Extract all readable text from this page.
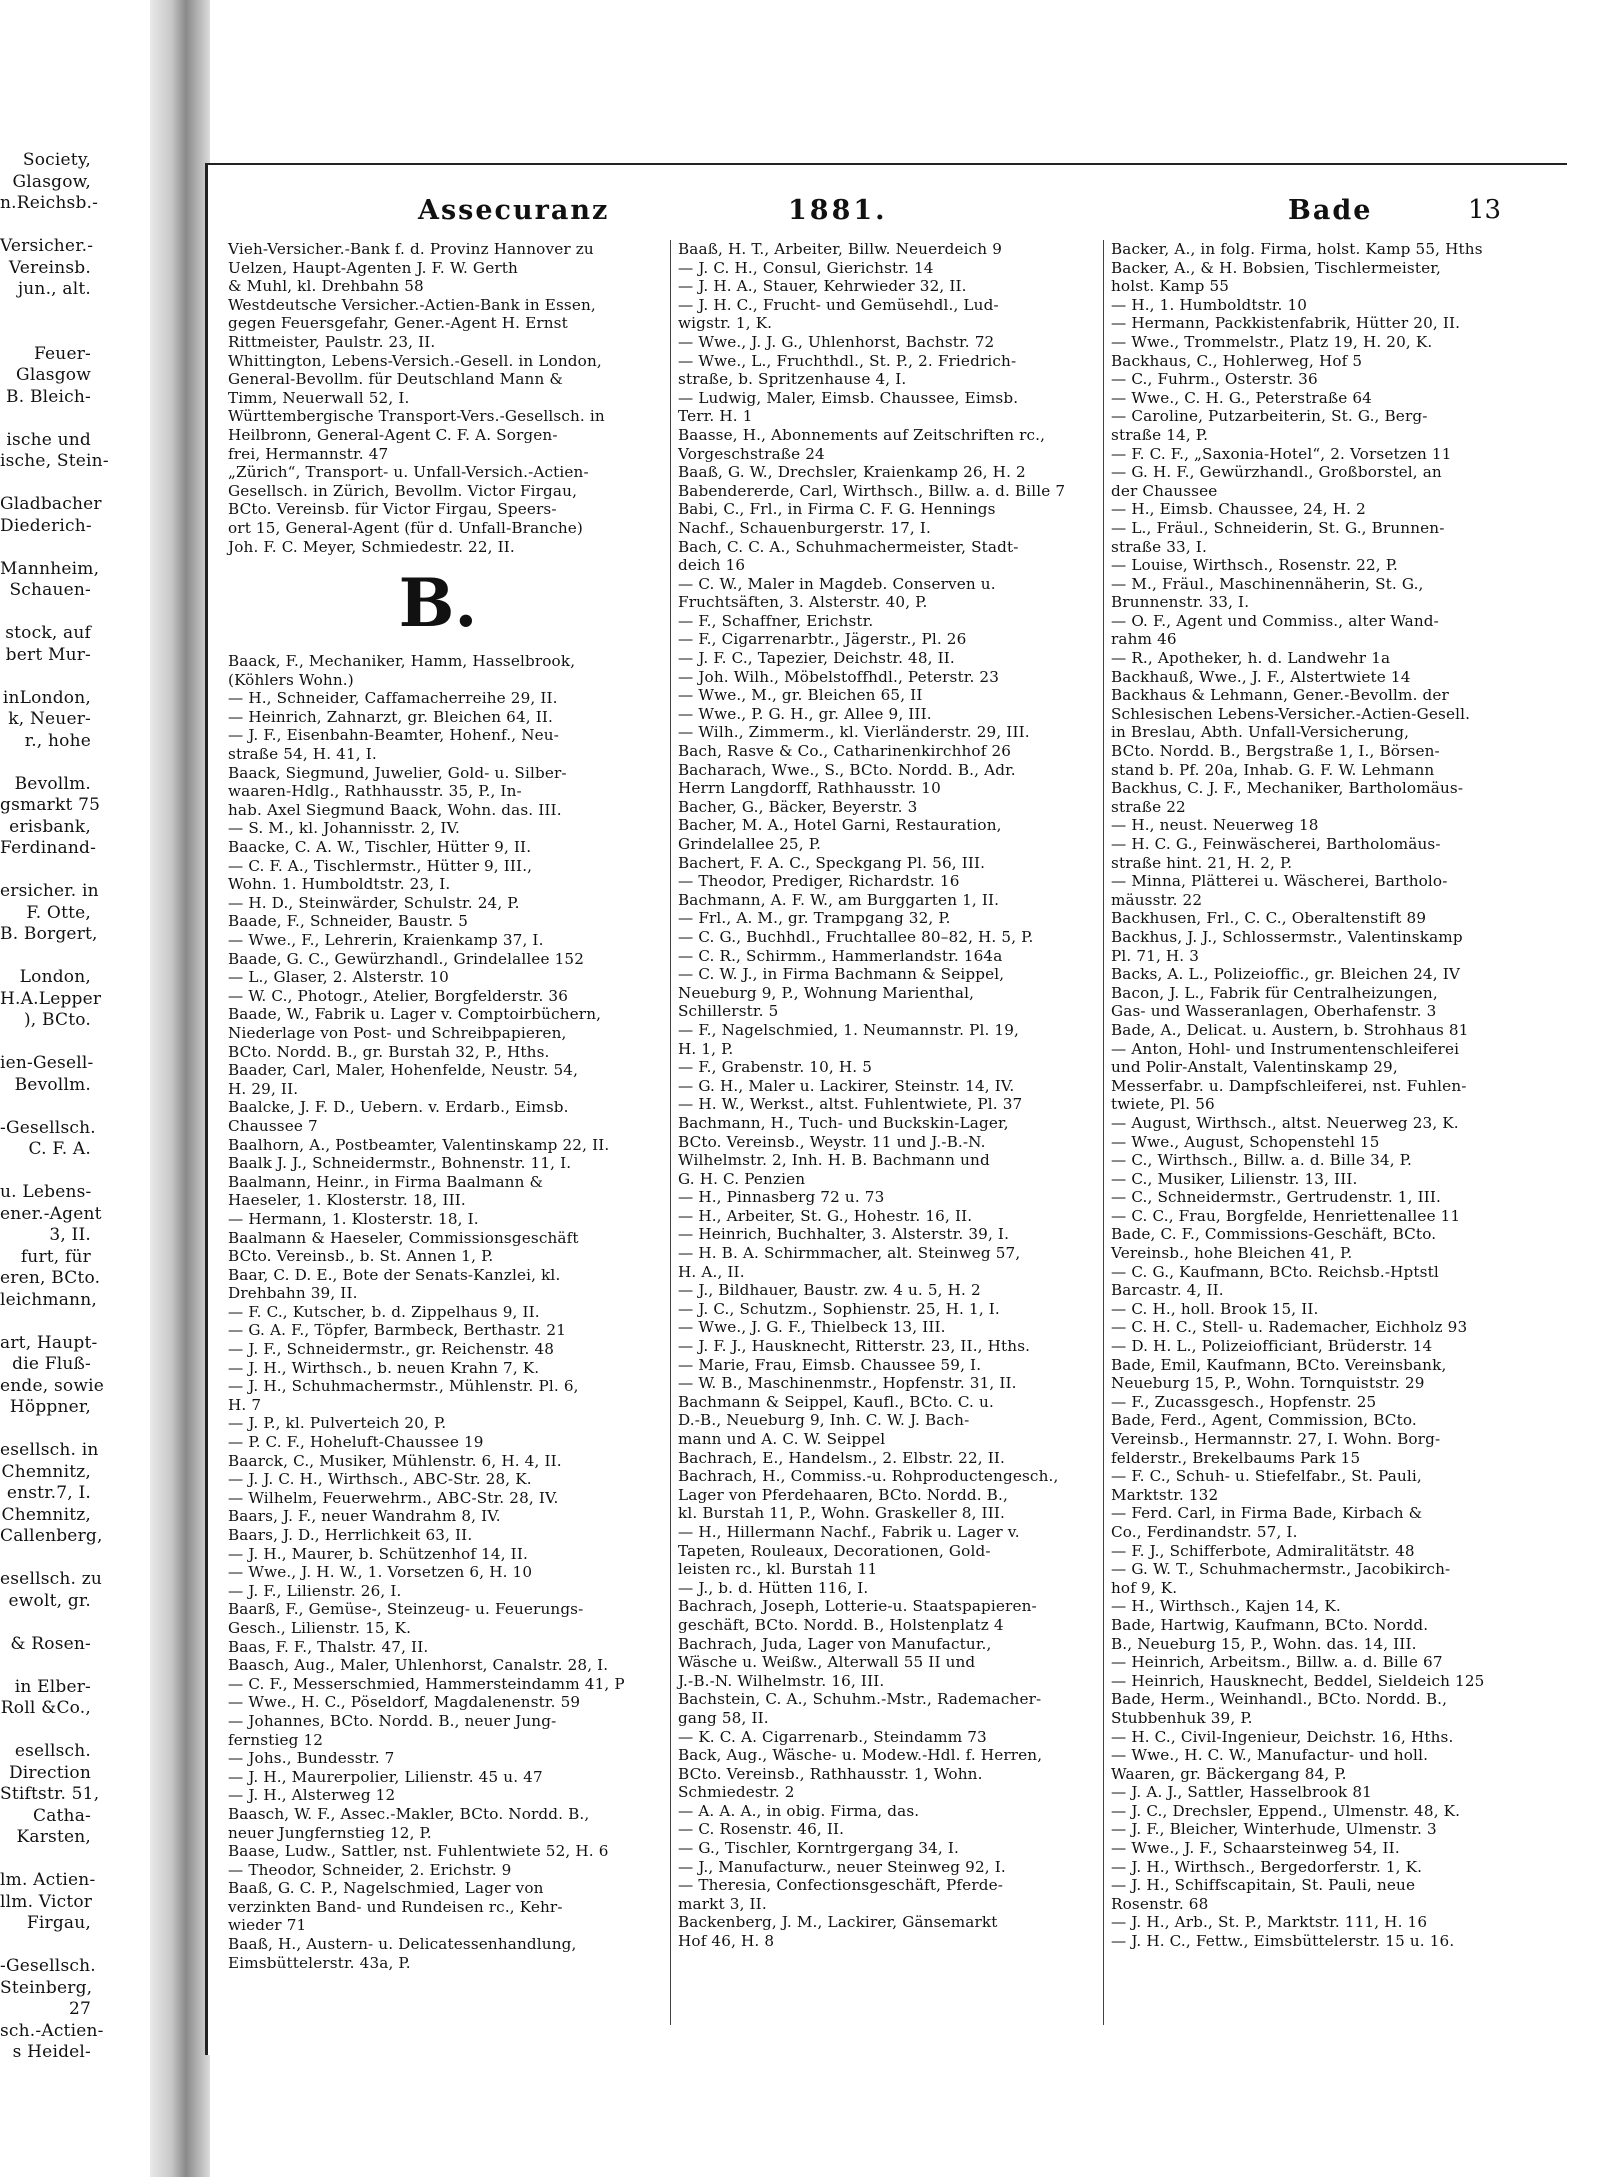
Society,
Glasgow,
n.Reichsb.-

Versicher.-
Vereinsb.
jun., alt.

Feuer-
Glasgow
B. Bleich-

ische und
ische, Stein-

Gladbacher
Diederich-

Mannheim,
Schauen-

stock, auf
bert Mur-

inLondon,
k, Neuer-
r., hohe

Bevollm.
gsmarkt 75
erisbank,
Ferdinand-

ersicher. in
F. Otte,
B. Borgert,

London,
H.A.Lepper
), BCto.

ien-Gesell-
Bevollm.

-Gesellsch.
C. F. A.

u. Lebens-
ener.-Agent
3, II.
furt, für
eren, BCto.
leichmann,

art, Haupt-
die Fluß-
ende, sowie
Höppner,

esellsch. in
Chemnitz,
enstr.7, I.
Chemnitz,
Callenberg,

esellsch. zu
ewolt, gr.

& Rosen-

in Elber-
Roll &Co.,

esellsch.
Direction
Stiftstr. 51,
Catha-
Karsten,

lm. Actien-
llm. Victor
Firgau,

-Gesellsch.
Steinberg,
27
sch.-Actien-
s Heidel-
Assecuranz	1881.	Bade	13
Vieh-Versicher.-Bank f. d. Provinz Hannover zu
Uelzen, Haupt-Agenten J. F. W. Gerth
& Muhl, kl. Drehbahn 58
Westdeutsche Versicher.-Actien-Bank in Essen,
gegen Feuersgefahr, Gener.-Agent H. Ernst
Rittmeister, Paulstr. 23, II.
Whittington, Lebens-Versich.-Gesell. in London,
General-Bevollm. für Deutschland Mann &
Timm, Neuerwall 52, I.
Württembergische Transport-Vers.-Gesellsch. in
Heilbronn, General-Agent C. F. A. Sorgen-
frei, Hermannstr. 47
„Zürich“, Transport- u. Unfall-Versich.-Actien-
Gesellsch. in Zürich, Bevollm. Victor Firgau,
BCto. Vereinsb. für Victor Firgau, Speers-
ort 15, General-Agent (für d. Unfall-Branche)
Joh. F. C. Meyer, Schmiedestr. 22, II.
B.
Baack, F., Mechaniker, Hamm, Hasselbrook,
(Köhlers Wohn.)
— H., Schneider, Caffamacherreihe 29, II.
— Heinrich, Zahnarzt, gr. Bleichen 64, II.
— J. F., Eisenbahn-Beamter, Hohenf., Neu-
straße 54, H. 41, I.
Baack, Siegmund, Juwelier, Gold- u. Silber-
waaren-Hdlg., Rathhausstr. 35, P., In-
hab. Axel Siegmund Baack, Wohn. das. III.
— S. M., kl. Johannisstr. 2, IV.
Baacke, C. A. W., Tischler, Hütter 9, II.
— C. F. A., Tischlermstr., Hütter 9, III.,
Wohn. 1. Humboldtstr. 23, I.
— H. D., Steinwärder, Schulstr. 24, P.
Baade, F., Schneider, Baustr. 5
— Wwe., F., Lehrerin, Kraienkamp 37, I.
Baade, G. C., Gewürzhandl., Grindelallee 152
— L., Glaser, 2. Alsterstr. 10
— W. C., Photogr., Atelier, Borgfelderstr. 36
Baade, W., Fabrik u. Lager v. Comptoirbüchern,
Niederlage von Post- und Schreibpapieren,
BCto. Nordd. B., gr. Burstah 32, P., Hths.
Baader, Carl, Maler, Hohenfelde, Neustr. 54,
H. 29, II.
Baalcke, J. F. D., Uebern. v. Erdarb., Eimsb.
Chaussee 7
Baalhorn, A., Postbeamter, Valentinskamp 22, II.
Baalk J. J., Schneidermstr., Bohnenstr. 11, I.
Baalmann, Heinr., in Firma Baalmann &
Haeseler, 1. Klosterstr. 18, III.
— Hermann, 1. Klosterstr. 18, I.
Baalmann & Haeseler, Commissionsgeschäft
BCto. Vereinsb., b. St. Annen 1, P.
Baar, C. D. E., Bote der Senats-Kanzlei, kl.
Drehbahn 39, II.
— F. C., Kutscher, b. d. Zippelhaus 9, II.
— G. A. F., Töpfer, Barmbeck, Berthastr. 21
— J. F., Schneidermstr., gr. Reichenstr. 48
— J. H., Wirthsch., b. neuen Krahn 7, K.
— J. H., Schuhmachermstr., Mühlenstr. Pl. 6,
H. 7
— J. P., kl. Pulverteich 20, P.
— P. C. F., Hoheluft-Chaussee 19
Baarck, C., Musiker, Mühlenstr. 6, H. 4, II.
— J. J. C. H., Wirthsch., ABC-Str. 28, K.
— Wilhelm, Feuerwehrm., ABC-Str. 28, IV.
Baars, J. F., neuer Wandrahm 8, IV.
Baars, J. D., Herrlichkeit 63, II.
— J. H., Maurer, b. Schützenhof 14, II.
— Wwe., J. H. W., 1. Vorsetzen 6, H. 10
— J. F., Lilienstr. 26, I.
Baarß, F., Gemüse-, Steinzeug- u. Feuerungs-
Gesch., Lilienstr. 15, K.
Baas, F. F., Thalstr. 47, II.
Baasch, Aug., Maler, Uhlenhorst, Canalstr. 28, I.
— C. F., Messerschmied, Hammersteindamm 41, P
— Wwe., H. C., Pöseldorf, Magdalenenstr. 59
— Johannes, BCto. Nordd. B., neuer Jung-
fernstieg 12
— Johs., Bundesstr. 7
— J. H., Maurerpolier, Lilienstr. 45 u. 47
— J. H., Alsterweg 12
Baasch, W. F., Assec.-Makler, BCto. Nordd. B.,
neuer Jungfernstieg 12, P.
Baase, Ludw., Sattler, nst. Fuhlentwiete 52, H. 6
— Theodor, Schneider, 2. Erichstr. 9
Baaß, G. C. P., Nagelschmied, Lager von
verzinkten Band- und Rundeisen rc., Kehr-
wieder 71
Baaß, H., Austern- u. Delicatessenhandlung,
Eimsbüttelerstr. 43a, P.
Baaß, H. T., Arbeiter, Billw. Neuerdeich 9
— J. C. H., Consul, Gierichstr. 14
— J. H. A., Stauer, Kehrwieder 32, II.
— J. H. C., Frucht- und Gemüsehdl., Lud-
wigstr. 1, K.
— Wwe., J. J. G., Uhlenhorst, Bachstr. 72
— Wwe., L., Fruchthdl., St. P., 2. Friedrich-
straße, b. Spritzenhause 4, I.
— Ludwig, Maler, Eimsb. Chaussee, Eimsb.
Terr. H. 1
Baasse, H., Abonnements auf Zeitschriften rc.,
Vorgeschstraße 24
Baaß, G. W., Drechsler, Kraienkamp 26, H. 2
Babendererde, Carl, Wirthsch., Billw. a. d. Bille 7
Babi, C., Frl., in Firma C. F. G. Hennings
Nachf., Schauenburgerstr. 17, I.
Bach, C. C. A., Schuhmachermeister, Stadt-
deich 16
— C. W., Maler in Magdeb. Conserven u.
Fruchtsäften, 3. Alsterstr. 40, P.
— F., Schaffner, Erichstr.
— F., Cigarrenarbtr., Jägerstr., Pl. 26
— J. F. C., Tapezier, Deichstr. 48, II.
— Joh. Wilh., Möbelstoffhdl., Peterstr. 23
— Wwe., M., gr. Bleichen 65, II
— Wwe., P. G. H., gr. Allee 9, III.
— Wilh., Zimmerm., kl. Vierländerstr. 29, III.
Bach, Rasve & Co., Catharinenkirchhof 26
Bacharach, Wwe., S., BCto. Nordd. B., Adr.
Herrn Langdorff, Rathhausstr. 10
Bacher, G., Bäcker, Beyerstr. 3
Bacher, M. A., Hotel Garni, Restauration,
Grindelallee 25, P.
Bachert, F. A. C., Speckgang Pl. 56, III.
— Theodor, Prediger, Richardstr. 16
Bachmann, A. F. W., am Burggarten 1, II.
— Frl., A. M., gr. Trampgang 32, P.
— C. G., Buchhdl., Fruchtallee 80–82, H. 5, P.
— C. R., Schirmm., Hammerlandstr. 164a
— C. W. J., in Firma Bachmann & Seippel,
Neueburg 9, P., Wohnung Marienthal,
Schillerstr. 5
— F., Nagelschmied, 1. Neumannstr. Pl. 19,
H. 1, P.
— F., Grabenstr. 10, H. 5
— G. H., Maler u. Lackirer, Steinstr. 14, IV.
— H. W., Werkst., altst. Fuhlentwiete, Pl. 37
Bachmann, H., Tuch- und Buckskin-Lager,
BCto. Vereinsb., Weystr. 11 und J.-B.-N.
Wilhelmstr. 2, Inh. H. B. Bachmann und
G. H. C. Penzien
— H., Pinnasberg 72 u. 73
— H., Arbeiter, St. G., Hohestr. 16, II.
— Heinrich, Buchhalter, 3. Alsterstr. 39, I.
— H. B. A. Schirmmacher, alt. Steinweg 57,
H. A., II.
— J., Bildhauer, Baustr. zw. 4 u. 5, H. 2
— J. C., Schutzm., Sophienstr. 25, H. 1, I.
— Wwe., J. G. F., Thielbeck 13, III.
— J. F. J., Hausknecht, Ritterstr. 23, II., Hths.
— Marie, Frau, Eimsb. Chaussee 59, I.
— W. B., Maschinenmstr., Hopfenstr. 31, II.
Bachmann & Seippel, Kaufl., BCto. C. u.
D.-B., Neueburg 9, Inh. C. W. J. Bach-
mann und A. C. W. Seippel
Bachrach, E., Handelsm., 2. Elbstr. 22, II.
Bachrach, H., Commiss.-u. Rohproductengesch.,
Lager von Pferdehaaren, BCto. Nordd. B.,
kl. Burstah 11, P., Wohn. Graskeller 8, III.
— H., Hillermann Nachf., Fabrik u. Lager v.
Tapeten, Rouleaux, Decorationen, Gold-
leisten rc., kl. Burstah 11
— J., b. d. Hütten 116, I.
Bachrach, Joseph, Lotterie-u. Staatspapieren-
geschäft, BCto. Nordd. B., Holstenplatz 4
Bachrach, Juda, Lager von Manufactur.,
Wäsche u. Weißw., Alterwall 55 II und
J.-B.-N. Wilhelmstr. 16, III.
Bachstein, C. A., Schuhm.-Mstr., Rademacher-
gang 58, II.
— K. C. A. Cigarrenarb., Steindamm 73
Back, Aug., Wäsche- u. Modew.-Hdl. f. Herren,
BCto. Vereinsb., Rathhausstr. 1, Wohn.
Schmiedestr. 2
— A. A. A., in obig. Firma, das.
— C. Rosenstr. 46, II.
— G., Tischler, Korntrgergang 34, I.
— J., Manufacturw., neuer Steinweg 92, I.
— Theresia, Confectionsgeschäft, Pferde-
markt 3, II.
Backenberg, J. M., Lackirer, Gänsemarkt
Hof 46, H. 8
Backer, A., in folg. Firma, holst. Kamp 55, Hths
Backer, A., & H. Bobsien, Tischlermeister,
holst. Kamp 55
— H., 1. Humboldtstr. 10
— Hermann, Packkistenfabrik, Hütter 20, II.
— Wwe., Trommelstr., Platz 19, H. 20, K.
Backhaus, C., Hohlerweg, Hof 5
— C., Fuhrm., Osterstr. 36
— Wwe., C. H. G., Peterstraße 64
— Caroline, Putzarbeiterin, St. G., Berg-
straße 14, P.
— F. C. F., „Saxonia-Hotel“, 2. Vorsetzen 11
— G. H. F., Gewürzhandl., Großborstel, an
der Chaussee
— H., Eimsb. Chaussee, 24, H. 2
— L., Fräul., Schneiderin, St. G., Brunnen-
straße 33, I.
— Louise, Wirthsch., Rosenstr. 22, P.
— M., Fräul., Maschinennäherin, St. G.,
Brunnenstr. 33, I.
— O. F., Agent und Commiss., alter Wand-
rahm 46
— R., Apotheker, h. d. Landwehr 1a
Backhauß, Wwe., J. F., Alstertwiete 14
Backhaus & Lehmann, Gener.-Bevollm. der
Schlesischen Lebens-Versicher.-Actien-Gesell.
in Breslau, Abth. Unfall-Versicherung,
BCto. Nordd. B., Bergstraße 1, I., Börsen-
stand b. Pf. 20a, Inhab. G. F. W. Lehmann
Backhus, C. J. F., Mechaniker, Bartholomäus-
straße 22
— H., neust. Neuerweg 18
— H. C. G., Feinwäscherei, Bartholomäus-
straße hint. 21, H. 2, P.
— Minna, Plätterei u. Wäscherei, Bartholo-
mäusstr. 22
Backhusen, Frl., C. C., Oberaltenstift 89
Backhus, J. J., Schlossermstr., Valentinskamp
Pl. 71, H. 3
Backs, A. L., Polizeioffic., gr. Bleichen 24, IV
Bacon, J. L., Fabrik für Centralheizungen,
Gas- und Wasseranlagen, Oberhafenstr. 3
Bade, A., Delicat. u. Austern, b. Strohhaus 81
— Anton, Hohl- und Instrumentenschleiferei
und Polir-Anstalt, Valentinskamp 29,
Messerfabr. u. Dampfschleiferei, nst. Fuhlen-
twiete, Pl. 56
— August, Wirthsch., altst. Neuerweg 23, K.
— Wwe., August, Schopenstehl 15
— C., Wirthsch., Billw. a. d. Bille 34, P.
— C., Musiker, Lilienstr. 13, III.
— C., Schneidermstr., Gertrudenstr. 1, III.
— C. C., Frau, Borgfelde, Henriettenallee 11
Bade, C. F., Commissions-Geschäft, BCto.
Vereinsb., hohe Bleichen 41, P.
— C. G., Kaufmann, BCto. Reichsb.-Hptstl
Barcastr. 4, II.
— C. H., holl. Brook 15, II.
— C. H. C., Stell- u. Rademacher, Eichholz 93
— D. H. L., Polizeiofficiant, Brüderstr. 14
Bade, Emil, Kaufmann, BCto. Vereinsbank,
Neueburg 15, P., Wohn. Tornquiststr. 29
— F., Zucassgesch., Hopfenstr. 25
Bade, Ferd., Agent, Commission, BCto.
Vereinsb., Hermannstr. 27, I. Wohn. Borg-
felderstr., Brekelbaums Park 15
— F. C., Schuh- u. Stiefelfabr., St. Pauli,
Marktstr. 132
— Ferd. Carl, in Firma Bade, Kirbach &
Co., Ferdinandstr. 57, I.
— F. J., Schifferbote, Admiralitätstr. 48
— G. W. T., Schuhmachermstr., Jacobikirch-
hof 9, K.
— H., Wirthsch., Kajen 14, K.
Bade, Hartwig, Kaufmann, BCto. Nordd.
B., Neueburg 15, P., Wohn. das. 14, III.
— Heinrich, Arbeitsm., Billw. a. d. Bille 67
— Heinrich, Hausknecht, Beddel, Sieldeich 125
Bade, Herm., Weinhandl., BCto. Nordd. B.,
Stubbenhuk 39, P.
— H. C., Civil-Ingenieur, Deichstr. 16, Hths.
— Wwe., H. C. W., Manufactur- und holl.
Waaren, gr. Bäckergang 84, P.
— J. A. J., Sattler, Hasselbrook 81
— J. C., Drechsler, Eppend., Ulmenstr. 48, K.
— J. F., Bleicher, Winterhude, Ulmenstr. 3
— Wwe., J. F., Schaarsteinweg 54, II.
— J. H., Wirthsch., Bergedorferstr. 1, K.
— J. H., Schiffscapitain, St. Pauli, neue
Rosenstr. 68
— J. H., Arb., St. P., Marktstr. 111, H. 16
— J. H. C., Fettw., Eimsbüttelerstr. 15 u. 16.
